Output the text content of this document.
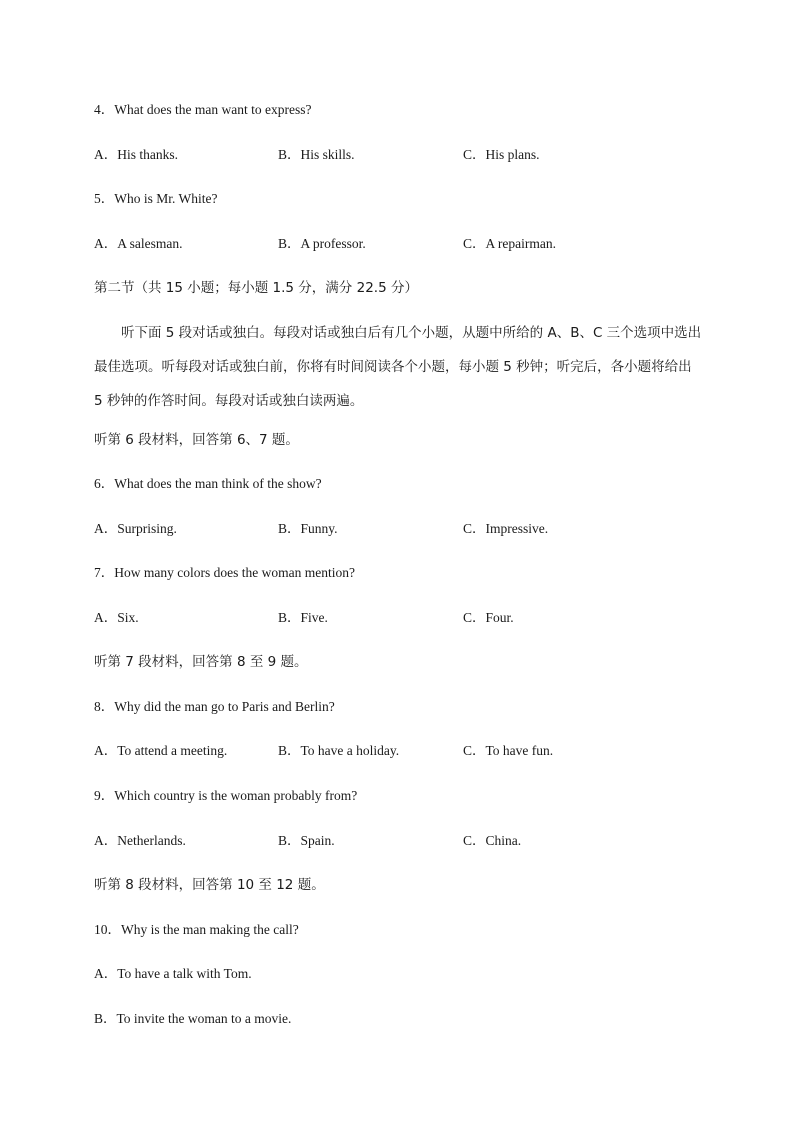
4．What does the man want to express?
A．His thanks.	B．His skills.	C．His plans.
5．Who is Mr. White?
A．A salesman.	B．A professor.	C．A repairman.
第二节（共 15 小题；每小题 1.5 分，满分 22.5 分）
听下面 5 段对话或独白。每段对话或独白后有几个小题，从题中所给的 A、B、C 三个选项中选出最佳选项。听每段对话或独白前，你将有时间阅读各个小题，每小题 5 秒钟；听完后，各小题将给出 5 秒钟的作答时间。每段对话或独白读两遍。
听第 6 段材料，回答第 6、7 题。
6．What does the man think of the show?
A．Surprising.	B．Funny.	C．Impressive.
7．How many colors does the woman mention?
A．Six.	B．Five.	C．Four.
听第 7 段材料，回答第 8 至 9 题。
8．Why did the man go to Paris and Berlin?
A．To attend a meeting.	B．To have a holiday.	C．To have fun.
9．Which country is the woman probably from?
A．Netherlands.	B．Spain.	C．China.
听第 8 段材料，回答第 10 至 12 题。
10．Why is the man making the call?
A．To have a talk with Tom.
B．To invite the woman to a movie.
